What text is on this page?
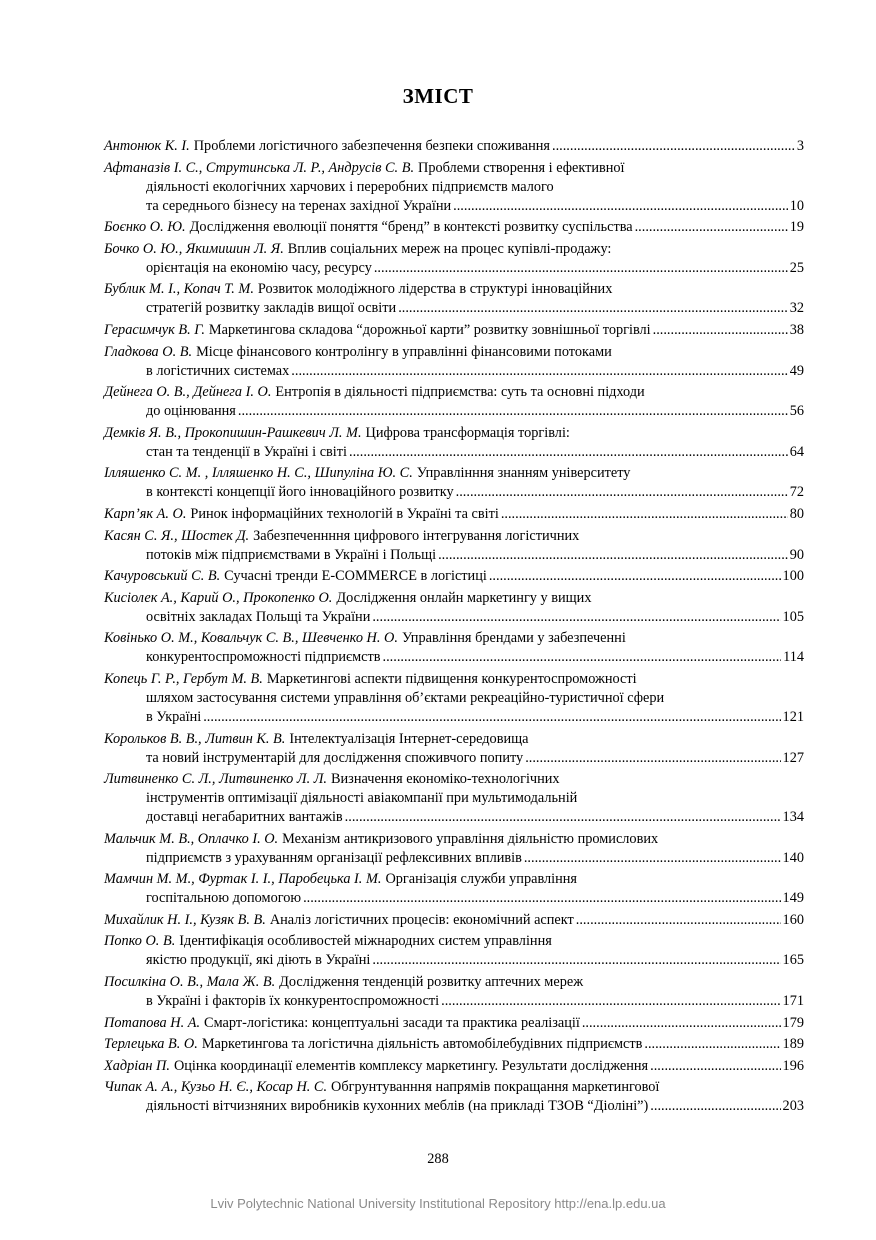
ЗМІСТ
Антонюк К. І. Проблеми логістичного забезпечення безпеки споживання .....	3
Афтаназів І. С., Струтинська Л. Р., Андрусів С. В. Проблеми створення і ефективної
діяльності екологічних харчових і переробних підприємств малого
та середнього бізнесу на теренах західної України .....	10
Боєнко О. Ю. Дослідження еволюції поняття “бренд” в контексті розвитку суспільства .....	19
Бочко О. Ю., Якимишин Л. Я. Вплив соціальних мереж на процес купівлі-продажу:
орієнтація на економію часу, ресурсу .....	25
Бублик М. І., Копач Т. М. Розвиток молодіжного лідерства в структурі інноваційних
стратегій розвитку закладів вищої освіти .....	32
Герасимчук В. Г. Маркетингова складова “дорожньої карти” розвитку зовнішньої торгівлі .....	38
Гладкова О. В. Місце фінансового контролінгу в управлінні фінансовими потоками
в логістичних системах .....	49
Дейнега О. В., Дейнега І. О. Ентропія в діяльності підприємства: суть та основні підходи
до оцінювання .....	56
Демків Я. В., Прокопишин-Рашкевич Л. М. Цифрова трансформація торгівлі:
стан та тенденції в Україні і світі .....	64
Ілляшенко С. М. , Ілляшенко Н. С., Шипуліна Ю. С. Управлінння знанням університету
в контексті концепції його інноваційного розвитку .....	72
Карп’як А. О. Ринок інформаційних технологій в Україні та світі .....	80
Касян С. Я., Шостек Д. Забезпеченнння цифрового інтегрування логістичних
потоків між підприємствами в Україні і Польщі .....	90
Качуровський С. В. Сучасні тренди E-COMMERCE в логістиці .....	100
Кисіолек А., Карий О., Прокопенко О. Дослідження онлайн маркетингу у вищих
освітніх закладах Польщі та України .....	105
Ковінько О. М., Ковальчук С. В., Шевченко Н. О. Управління брендами у забезпеченні
конкурентоспроможності підприємств .....	114
Копець Г. Р., Гербут М. В. Маркетингові аспекти підвищення конкурентоспроможності
шляхом застосування системи управління об’єктами рекреаційно-туристичної сфери
в Україні .....	121
Корольков В. В., Литвин К. В. Інтелектуалізація Інтернет-середовища
та новий інструментарій для дослідження споживчого попиту .....	127
Литвиненко С. Л., Литвиненко Л. Л. Визначення економіко-технологічних
інструментів оптимізації діяльності авіакомпанії при мультимодальній
доставці негабаритних вантажів .....	134
Мальчик М. В., Оплачко І. О. Механізм антикризового управління діяльністю промислових
підприємств з урахуванням організації рефлексивних впливів .....	140
Мамчин М. М., Фуртак І. І., Паробецька І. М. Організація служби управління
госпітальною допомогою .....	149
Михайлик Н. І., Кузяк В. В. Аналіз логістичних процесів: економічний аспект .....	160
Попко О. В. Ідентифікація особливостей міжнародних систем управління
якістю продукції, які діють в Україні .....	165
Посилкіна О. В., Мала Ж. В. Дослідження тенденцій розвитку аптечних мереж
в Україні і факторів їх конкурентоспроможності .....	171
Потапова Н. А. Смарт-логістика: концептуальні засади та практика реалізації .....	179
Терлецька В. О. Маркетингова та логістична діяльність автомобілебудівних підприємств .....	189
Хадріан П. Оцінка координації елементів комплексу маркетингу. Результати дослідження .....	196
Чипак А. А., Кузьо Н. Є., Косар Н. С. Обгрунтуванння напрямів покращання маркетингової
діяльності вітчизняних виробників кухонних меблів (на прикладі ТЗОВ “Діоліні”) .....	203
288
Lviv Polytechnic National University Institutional Repository http://ena.lp.edu.ua
